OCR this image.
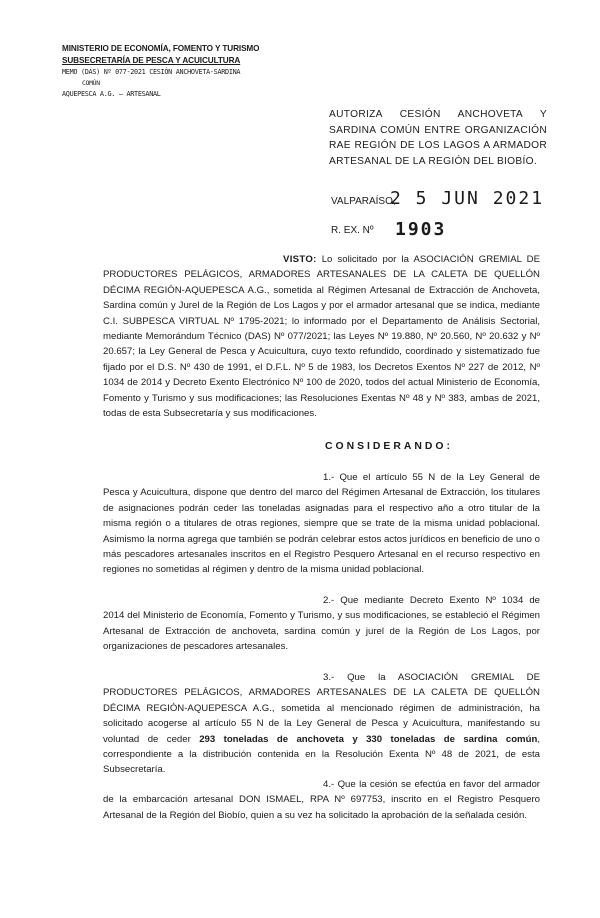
MINISTERIO DE ECONOMÍA, FOMENTO Y TURISMO
SUBSECRETARÍA DE PESCA Y ACUICULTURA
MEMO (DAS) Nº 077-2021 CESIÓN ANCHOVETA-SARDINA
COMÚN
AQUEPESCA A.G. – ARTESANAL
AUTORIZA CESIÓN ANCHOVETA Y SARDINA COMÚN ENTRE ORGANIZACIÓN RAE REGIÓN DE LOS LAGOS A ARMADOR ARTESANAL DE LA REGIÓN DEL BIOBÍO.
VALPARAÍSO,
2 5 JUN 2021
R. EX. Nº 1903

VISTO: Lo solicitado por la ASOCIACIÓN GREMIAL DE PRODUCTORES PELÁGICOS, ARMADORES ARTESANALES DE LA CALETA DE QUELLÓN DÉCIMA REGIÓN-AQUEPESCA A.G., sometida al Régimen Artesanal de Extracción de Anchoveta, Sardina común y Jurel de la Región de Los Lagos y por el armador artesanal que se indica, mediante C.I. SUBPESCA VIRTUAL Nº 1795-2021; lo informado por el Departamento de Análisis Sectorial, mediante Memorándum Técnico (DAS) Nº 077/2021; las Leyes Nº 19.880, Nº 20.560, Nº 20.632 y Nº 20.657; la Ley General de Pesca y Acuicultura, cuyo texto refundido, coordinado y sistematizado fue fijado por el D.S. Nº 430 de 1991, el D.F.L. Nº 5 de 1983, los Decretos Exentos Nº 227 de 2012, Nº 1034 de 2014 y Decreto Exento Electrónico Nº 100 de 2020, todos del actual Ministerio de Economía, Fomento y Turismo y sus modificaciones; las Resoluciones Exentas Nº 48 y Nº 383, ambas de 2021, todas de esta Subsecretaría y sus modificaciones.

CONSIDERANDO:

1.- Que el artículo 55 N de la Ley General de Pesca y Acuicultura, dispone que dentro del marco del Régimen Artesanal de Extracción, los titulares de asignaciones podrán ceder las toneladas asignadas para el respectivo año a otro titular de la misma región o a titulares de otras regiones, siempre que se trate de la misma unidad poblacional. Asimismo la norma agrega que también se podrán celebrar estos actos jurídicos en beneficio de uno o más pescadores artesanales inscritos en el Registro Pesquero Artesanal en el recurso respectivo en regiones no sometidas al régimen y dentro de la misma unidad poblacional.

2.- Que mediante Decreto Exento Nº 1034 de 2014 del Ministerio de Economía, Fomento y Turismo, y sus modificaciones, se estableció el Régimen Artesanal de Extracción de anchoveta, sardina común y jurel de la Región de Los Lagos, por organizaciones de pescadores artesanales.

3.- Que la ASOCIACIÓN GREMIAL DE PRODUCTORES PELÁGICOS, ARMADORES ARTESANALES DE LA CALETA DE QUELLÓN DÉCIMA REGIÓN-AQUEPESCA A.G., sometida al mencionado régimen de administración, ha solicitado acogerse al artículo 55 N de la Ley General de Pesca y Acuicultura, manifestando su voluntad de ceder 293 toneladas de anchoveta y 330 toneladas de sardina común, correspondiente a la distribución contenida en la Resolución Exenta Nº 48 de 2021, de esta Subsecretaría.

4.- Que la cesión se efectúa en favor del armador de la embarcación artesanal DON ISMAEL, RPA Nº 697753, inscrito en el Registro Pesquero Artesanal de la Región del Biobío, quien a su vez ha solicitado la aprobación de la señalada cesión.
